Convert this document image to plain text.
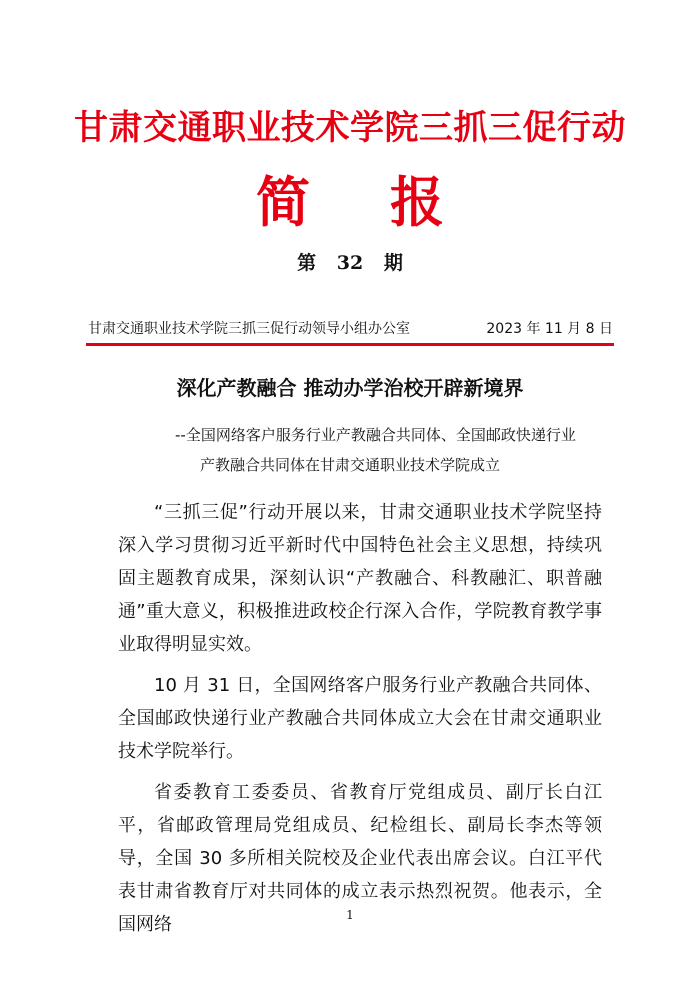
甘肃交通职业技术学院三抓三促行动
简报
第 32 期
甘肃交通职业技术学院三抓三促行动领导小组办公室	2023 年 11 月 8 日
深化产教融合 推动办学治校开辟新境界
--全国网络客户服务行业产教融合共同体、全国邮政快递行业
产教融合共同体在甘肃交通职业技术学院成立

“三抓三促”行动开展以来，甘肃交通职业技术学院坚持深入学习贯彻习近平新时代中国特色社会主义思想，持续巩固主题教育成果，深刻认识“产教融合、科教融汇、职普融通”重大意义，积极推进政校企行深入合作，学院教育教学事业取得明显实效。

10 月 31 日，全国网络客户服务行业产教融合共同体、全国邮政快递行业产教融合共同体成立大会在甘肃交通职业技术学院举行。

省委教育工委委员、省教育厅党组成员、副厅长白江平，省邮政管理局党组成员、纪检组长、副局长李杰等领导，全国 30 多所相关院校及企业代表出席会议。白江平代表甘肃省教育厅对共同体的成立表示热烈祝贺。他表示，全国网络	1
